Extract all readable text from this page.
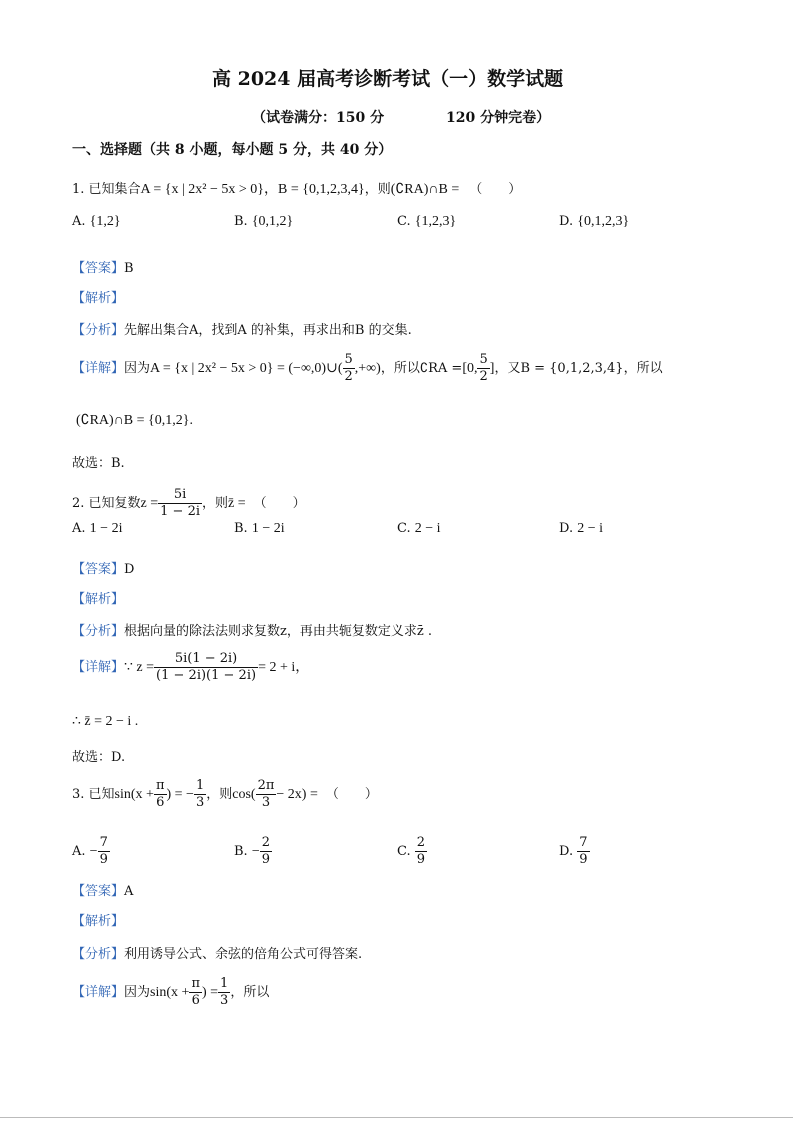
高 2024 届高考诊断考试（一）数学试题
（试卷满分：150 分	120 分钟完卷）
一、选择题（共 8 小题，每小题 5 分，共 40 分）
1. 已知集合A = {x | 2x² − 5x > 0}，B = {0,1,2,3,4}，则(∁RA)∩B = （　　）
A. {1,2}	B. {0,1,2}	C. {1,2,3}	D. {0,1,2,3}
【答案】B
【解析】
【分析】先解出集合A，找到A 的补集，再求出和B 的交集.
【详解】因为A = {x | 2x² − 5x > 0} = (−∞,0)∪( $\frac{5}{2}$ ,+∞)，所以∁RA =[0, $\frac{5}{2}$ ]，又B = {0,1,2,3,4}，所以
(∁RA)∩B = {0,1,2}.
故选：B.
2. 已知复数$z = \frac{5i}{1 - 2i}$ ，则z̄ = （　　）
A. 1 − 2i	B. 1 − 2i	C. 2 − i	D. 2 − i
【答案】D
【解析】
【分析】根据向量的除法法则求复数z，再由共轭复数定义求z̄ .
【详解】∵ $z = \frac{5i(1 - 2i)}{(1 - 2i)(1 - 2i)} = 2 + i$，
∴ z̄ = 2 − i .
故选：D.
3. 已知$\sin(x + \frac{\pi}{6}$ ) = − $\frac{1}{3}$ ，则$\cos( \frac{2\pi}{3} - 2x)$ = （　　）
A. − $\frac{7}{9}$	B. − $\frac{2}{9}$	C. $\frac{2}{9}$	D. $\frac{7}{9}$
【答案】A
【解析】
【分析】利用诱导公式、余弦的倍角公式可得答案.
【详解】因为$\sin(x + \frac{\pi}{6}$ ) = $\frac{1}{3}$ ，所以
